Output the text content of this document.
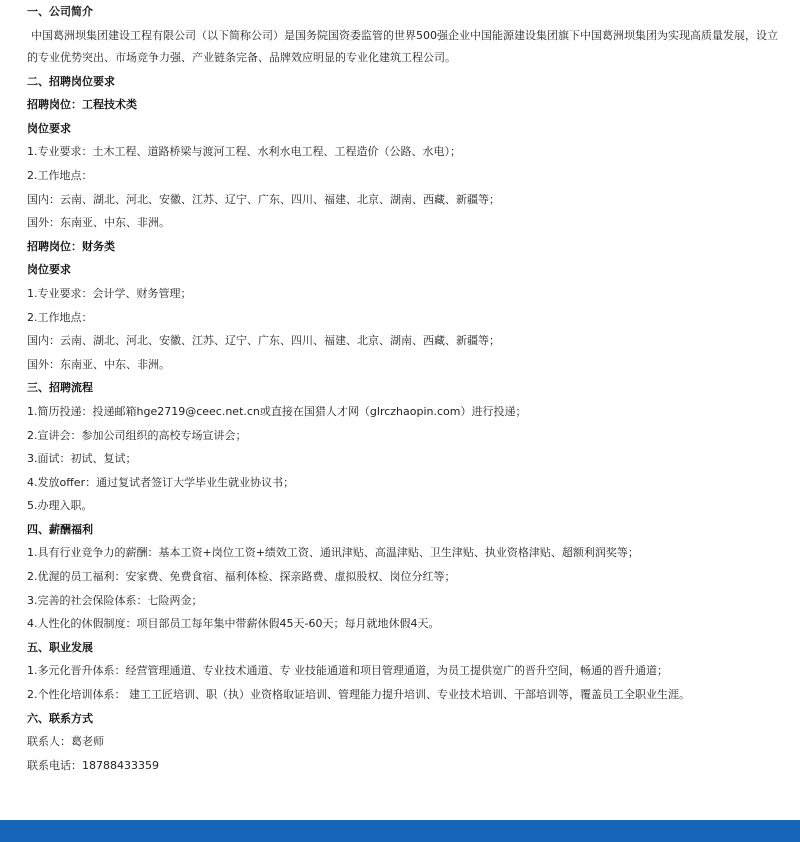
一、公司简介

中国葛洲坝集团建设工程有限公司（以下简称公司）是国务院国资委监管的世界500强企业中国能源建设集团旗下中国葛洲坝集团为实现高质量发展，设立的专业优势突出、市场竞争力强、产业链条完备、品牌效应明显的专业化建筑工程公司。

二、招聘岗位要求
招聘岗位：工程技术类
岗位要求
1.专业要求：土木工程、道路桥梁与渡河工程、水利水电工程、工程造价（公路、水电）；
2.工作地点：
国内：云南、湖北、河北、安徽、江苏、辽宁、广东、四川、福建、北京、湖南、西藏、新疆等；
国外：东南亚、中东、非洲。
招聘岗位：财务类
岗位要求
1.专业要求：会计学、财务管理；
2.工作地点：
国内：云南、湖北、河北、安徽、江苏、辽宁、广东、四川、福建、北京、湖南、西藏、新疆等；
国外：东南亚、中东、非洲。
三、招聘流程
1.简历投递：投递邮箱hge2719@ceec.net.cn或直接在国猎人才网（glrczhaopin.com）进行投递；
2.宣讲会：参加公司组织的高校专场宣讲会；
3.面试：初试、复试；
4.发放offer：通过复试者签订大学毕业生就业协议书；
5.办理入职。
四、薪酬福利
1.具有行业竞争力的薪酬：基本工资+岗位工资+绩效工资、通讯津贴、高温津贴、卫生津贴、执业资格津贴、超额利润奖等；
2.优渥的员工福利：安家费、免费食宿、福利体检、探亲路费、虚拟股权、岗位分红等；
3.完善的社会保险体系：七险两金；
4.人性化的休假制度：项目部员工每年集中带薪休假45天-60天；每月就地休假4天。
五、职业发展
1.多元化晋升体系：经营管理通道、专业技术通道、专 业技能通道和项目管理通道，为员工提供宽广的晋升空间，畅通的晋升通道；
2.个性化培训体系： 建工工匠培训、职（执）业资格取证培训、管理能力提升培训、专业技术培训、干部培训等，覆盖员工全职业生涯。
六、联系方式
联系人：葛老师
联系电话：18788433359
